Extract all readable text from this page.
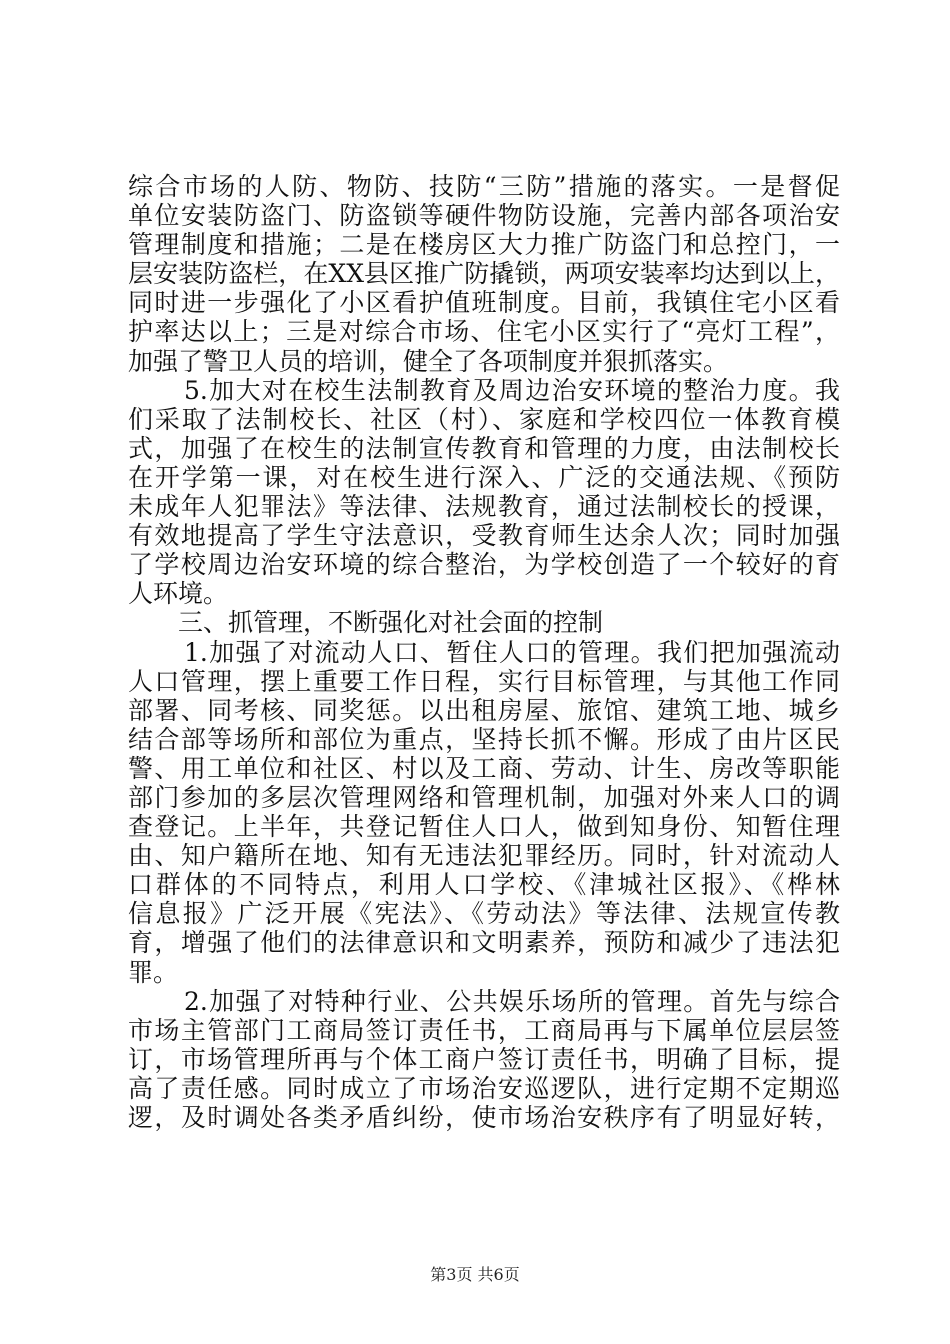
综合市场的人防、物防、技防“三防”措施的落实。一是督促
单位安装防盗门、防盗锁等硬件物防设施，完善内部各项治安
管理制度和措施；二是在楼房区大力推广防盗门和总控门，一
层安装防盗栏，在XX县区推广防撬锁，两项安装率均达到以上，
同时进一步强化了小区看护值班制度。目前，我镇住宅小区看
护率达以上；三是对综合市场、住宅小区实行了“亮灯工程”，
加强了警卫人员的培训，健全了各项制度并狠抓落实。
5.加大对在校生法制教育及周边治安环境的整治力度。我
们采取了法制校长、社区（村）、家庭和学校四位一体教育模
式，加强了在校生的法制宣传教育和管理的力度，由法制校长
在开学第一课，对在校生进行深入、广泛的交通法规、《预防
未成年人犯罪法》等法律、法规教育，通过法制校长的授课，
有效地提高了学生守法意识，受教育师生达余人次；同时加强
了学校周边治安环境的综合整治，为学校创造了一个较好的育
人环境。
三、抓管理，不断强化对社会面的控制
1.加强了对流动人口、暂住人口的管理。我们把加强流动
人口管理，摆上重要工作日程，实行目标管理，与其他工作同
部署、同考核、同奖惩。以出租房屋、旅馆、建筑工地、城乡
结合部等场所和部位为重点，坚持长抓不懈。形成了由片区民
警、用工单位和社区、村以及工商、劳动、计生、房改等职能
部门参加的多层次管理网络和管理机制，加强对外来人口的调
查登记。上半年，共登记暂住人口人，做到知身份、知暂住理
由、知户籍所在地、知有无违法犯罪经历。同时，针对流动人
口群体的不同特点，利用人口学校、《津城社区报》、《桦林
信息报》广泛开展《宪法》、《劳动法》等法律、法规宣传教
育，增强了他们的法律意识和文明素养，预防和减少了违法犯
罪。
2.加强了对特种行业、公共娱乐场所的管理。首先与综合
市场主管部门工商局签订责任书，工商局再与下属单位层层签
订，市场管理所再与个体工商户签订责任书，明确了目标，提
高了责任感。同时成立了市场治安巡逻队，进行定期不定期巡
逻，及时调处各类矛盾纠纷，使市场治安秩序有了明显好转，
第3页 共6页
